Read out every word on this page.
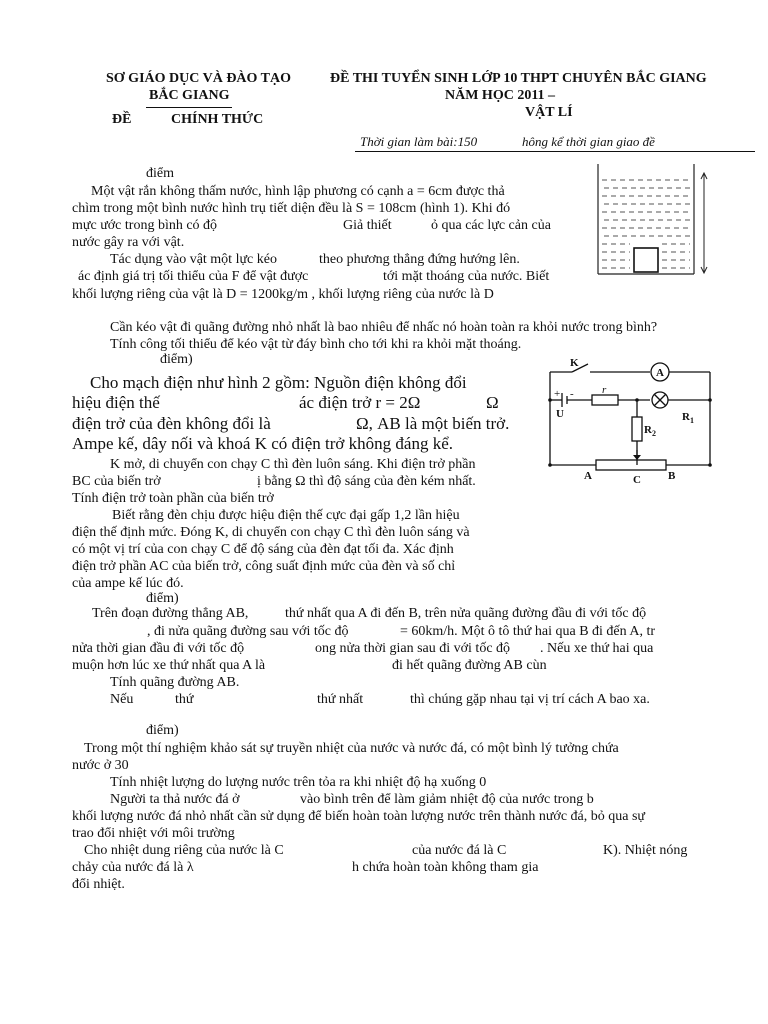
SƠ GIÁO DỤC VÀ ĐÀO TẠO
BẮC GIANG
ĐỀ THI TUYỂN SINH LỚP 10 THPT CHUYÊN BẮC GIANG
NĂM HỌC 2011 –
VẬT LÍ
ĐỀ	CHÍNH THỨC
Thời gian làm bài:150	hông kể thời gian giao đề
điểm
Một vật rắn không thấm nước, hình lập phương có cạnh a = 6cm được thả
chìm trong một bình nước hình trụ tiết diện đều là S = 108cm (hình 1). Khi đó
mực ước trong bình có độ	Giả thiết	ỏ qua các lực cản của
nước gây ra với vật.
Tác dụng vào vật một lực kéo	theo phương thẳng đứng hướng lên.
ác định giá trị tối thiểu của F để vật được	tới mặt thoáng của nước. Biết
khối lượng riêng của vật là D = 1200kg/m , khối lượng riêng của nước là D
Cần kéo vật đi quãng đường nhỏ nhất là bao nhiêu để nhấc nó hoàn toàn ra khỏi nước trong bình?
Tính công tối thiểu để kéo vật từ đáy bình cho tới khi ra khỏi mặt thoáng.
K
A
+ -	r
U	R 1
R 2
A	C B
điểm)
Cho mạch điện như hình 2 gồm: Nguồn điện không đổi
hiệu điện thế	ác điện trở r = 2Ω	Ω
điện trở của đèn không đổi là	Ω, AB là một biến trở.
Ampe kế, dây nối và khoá K có điện trở không đáng kể.
K mở, di chuyển con chạy C thì đèn luôn sáng. Khi điện trở phần
BC của biến trở	ị bằng Ω thì độ sáng của đèn kém nhất.
Tính điện trở toàn phần của biến trở
Biết rằng đèn chịu được hiệu điện thế cực đại gấp 1,2 lần hiệu
điện thế định mức. Đóng K, di chuyển con chạy C thì đèn luôn sáng và
có một vị trí của con chạy C để độ sáng của đèn đạt tối đa. Xác định
điện trở phần AC của biến trở, công suất định mức của đèn và số chỉ
của ampe kế lúc đó.
điểm)
Trên đoạn đường thẳng AB,	thứ nhất qua A đi đến B, trên nửa quãng đường đầu đi với tốc độ
, đi nửa quãng đường sau với tốc độ	= 60km/h. Một ô tô thứ hai qua B đi đến A, tr
nửa thời gian đầu đi với tốc độ	ong nửa thời gian sau đi với tốc độ . Nếu xe thứ hai qua
muộn hơn lúc xe thứ nhất qua A là	đi hết quãng đường AB cùn
Tính quãng đường AB.
Nếu	thứ	thứ nhất	thì chúng gặp nhau tại vị trí cách A bao xa.
điểm)
Trong một thí nghiệm khảo sát sự truyền nhiệt của nước và nước đá, có một bình lý tưởng chứa
nước ở 30
Tính nhiệt lượng do lượng nước trên tỏa ra khi nhiệt độ hạ xuống 0
Người ta thả nước đá ở	vào bình trên để làm giảm nhiệt độ của nước trong b
khối lượng nước đá nhỏ nhất cần sử dụng để biến hoàn toàn lượng nước trên thành nước đá, bỏ qua sự
trao đổi nhiệt với môi trường
Cho nhiệt dung riêng của nước là C	của nước đá là C	K). Nhiệt nóng
chảy của nước đá là λ	h chứa hoàn toàn không tham gia
đổi nhiệt.
